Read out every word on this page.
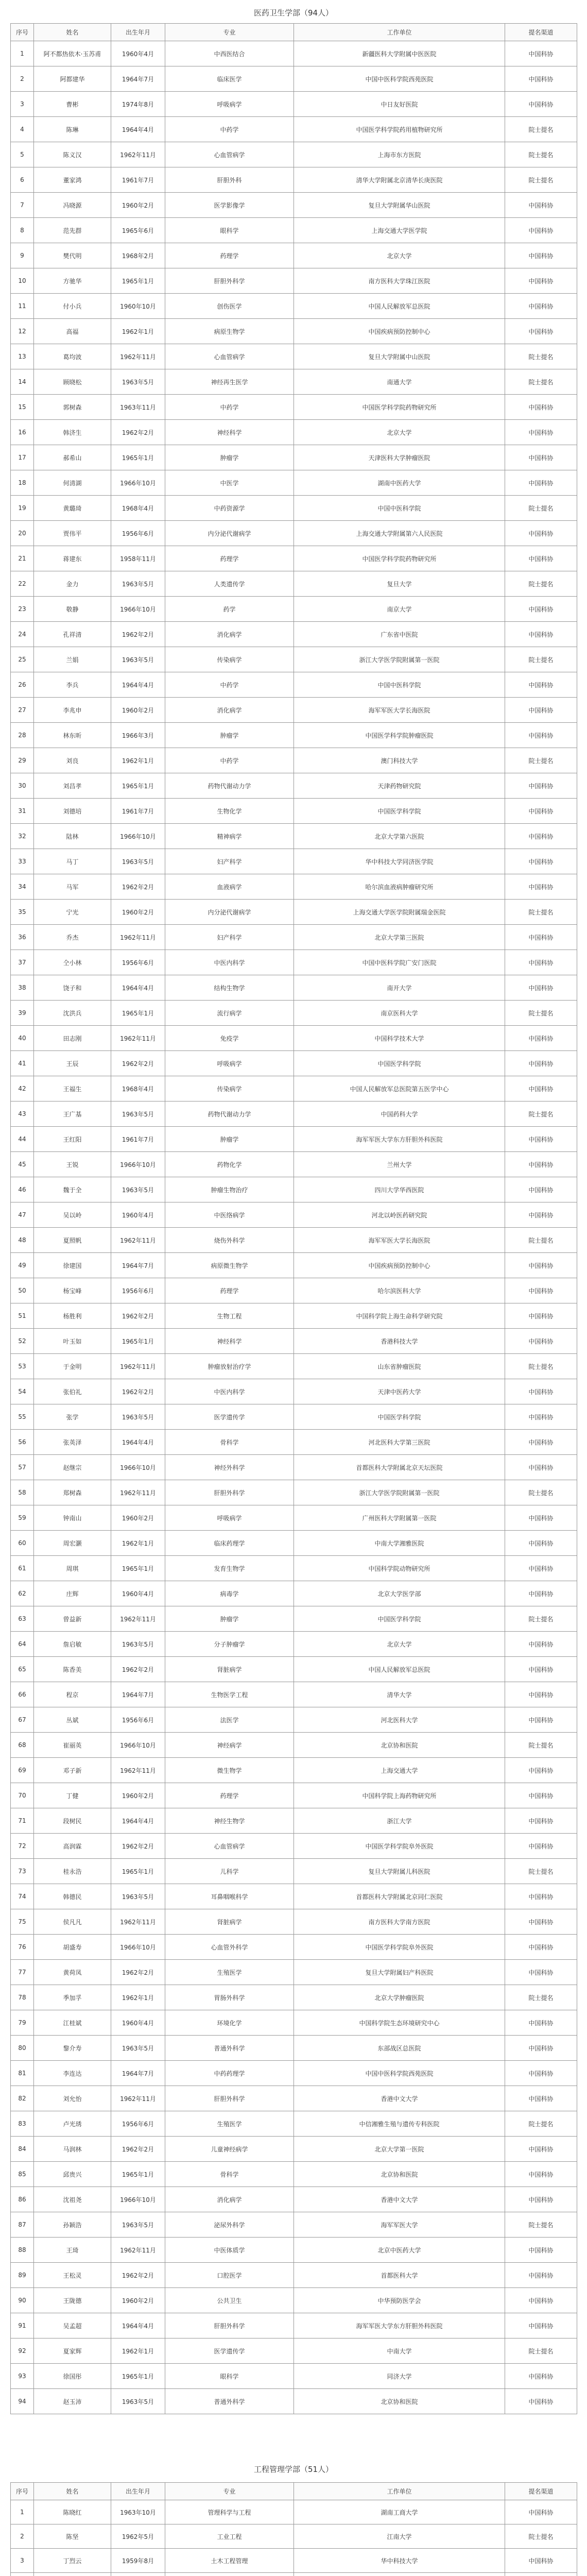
医药卫生学部（94人）
序号	姓名	出生年月	专业	工作单位	提名渠道
1	阿不都热依木·玉苏甫	1960年4月	中西医结合	新疆医科大学附属中医医院	中国科协
2	阿都建华	1964年7月	临床医学	中国中医科学院西苑医院	中国科协
3	曹彬	1974年8月	呼吸病学	中日友好医院	中国科协
4	陈琳	1964年4月	中药学	中国医学科学院药用植物研究所	院士提名
5	陈义汉	1962年11月	心血管病学	上海市东方医院	院士提名
6	董家鸿	1961年7月	肝胆外科	清华大学附属北京清华长庚医院	院士提名
7	冯晓源	1960年2月	医学影像学	复旦大学附属华山医院	中国科协
8	范先群	1965年6月	眼科学	上海交通大学医学院	中国科协
9	樊代明	1968年2月	药理学	北京大学	中国科协
10	方驰华	1965年1月	肝胆外科学	南方医科大学珠江医院	中国科协
11	付小兵	1960年10月	创伤医学	中国人民解放军总医院	中国科协
12	高福	1962年1月	病原生物学	中国疾病预防控制中心	中国科协
13	葛均波	1962年11月	心血管病学	复旦大学附属中山医院	院士提名
14	顾晓松	1963年5月	神经再生医学	南通大学	院士提名
15	郭树森	1963年11月	中药学	中国医学科学院药物研究所	中国科协
16	韩济生	1962年2月	神经科学	北京大学	中国科协
17	郝希山	1965年1月	肿瘤学	天津医科大学肿瘤医院	中国科协
18	何清湖	1966年10月	中医学	湖南中医药大学	中国科协
19	黄璐琦	1968年4月	中药资源学	中国中医科学院	院士提名
20	贾伟平	1956年6月	内分泌代谢病学	上海交通大学附属第六人民医院	中国科协
21	蒋建东	1958年11月	药理学	中国医学科学院药物研究所	中国科协
22	金力	1963年5月	人类遗传学	复旦大学	院士提名
23	敬静	1966年10月	药学	南京大学	中国科协
24	孔祥清	1962年2月	消化病学	广东省中医院	中国科协
25	兰娟	1963年5月	传染病学	浙江大学医学院附属第一医院	院士提名
26	李兵	1964年4月	中药学	中国中医科学院	中国科协
27	李兆申	1960年2月	消化病学	海军军医大学长海医院	中国科协
28	林东昕	1966年3月	肿瘤学	中国医学科学院肿瘤医院	中国科协
29	刘良	1962年1月	中药学	澳门科技大学	院士提名
30	刘昌孝	1965年1月	药物代谢动力学	天津药物研究院	中国科协
31	刘德培	1961年7月	生物化学	中国医学科学院	中国科协
32	陆林	1966年10月	精神病学	北京大学第六医院	中国科协
33	马丁	1963年5月	妇产科学	华中科技大学同济医学院	中国科协
34	马军	1962年2月	血液病学	哈尔滨血液病肿瘤研究所	中国科协
35	宁光	1960年2月	内分泌代谢病学	上海交通大学医学院附属瑞金医院	院士提名
36	乔杰	1962年11月	妇产科学	北京大学第三医院	中国科协
37	仝小林	1956年6月	中医内科学	中国中医科学院广安门医院	中国科协
38	饶子和	1964年4月	结构生物学	南开大学	中国科协
39	沈洪兵	1965年1月	流行病学	南京医科大学	院士提名
40	田志刚	1962年11月	免疫学	中国科学技术大学	中国科协
41	王辰	1962年2月	呼吸病学	中国医学科学院	中国科协
42	王福生	1968年4月	传染病学	中国人民解放军总医院第五医学中心	中国科协
43	王广基	1963年5月	药物代谢动力学	中国药科大学	院士提名
44	王红阳	1961年7月	肿瘤学	海军军医大学东方肝胆外科医院	中国科协
45	王锐	1966年10月	药物化学	兰州大学	中国科协
46	魏于全	1963年5月	肿瘤生物治疗	四川大学华西医院	中国科协
47	吴以岭	1960年4月	中医络病学	河北以岭医药研究院	中国科协
48	夏照帆	1962年11月	烧伤外科学	海军军医大学长海医院	院士提名
49	徐建国	1964年7月	病原微生物学	中国疾病预防控制中心	中国科协
50	杨宝峰	1956年6月	药理学	哈尔滨医科大学	中国科协
51	杨胜利	1962年2月	生物工程	中国科学院上海生命科学研究院	中国科协
52	叶玉如	1965年1月	神经科学	香港科技大学	中国科协
53	于金明	1962年11月	肿瘤放射治疗学	山东省肿瘤医院	院士提名
54	张伯礼	1962年2月	中医内科学	天津中医药大学	中国科协
55	张学	1963年5月	医学遗传学	中国医学科学院	中国科协
56	张英泽	1964年4月	骨科学	河北医科大学第三医院	中国科协
57	赵继宗	1966年10月	神经外科学	首都医科大学附属北京天坛医院	中国科协
58	郑树森	1962年11月	肝胆外科学	浙江大学医学院附属第一医院	院士提名
59	钟南山	1960年2月	呼吸病学	广州医科大学附属第一医院	中国科协
60	周宏灏	1962年1月	临床药理学	中南大学湘雅医院	中国科协
61	周琪	1965年1月	发育生物学	中国科学院动物研究所	中国科协
62	庄辉	1960年4月	病毒学	北京大学医学部	中国科协
63	曾益新	1962年11月	肿瘤学	中国医学科学院	院士提名
64	詹启敏	1963年5月	分子肿瘤学	北京大学	中国科协
65	陈香美	1962年2月	肾脏病学	中国人民解放军总医院	中国科协
66	程京	1964年7月	生物医学工程	清华大学	中国科协
67	丛斌	1956年6月	法医学	河北医科大学	中国科协
68	崔丽英	1966年10月	神经病学	北京协和医院	院士提名
69	邓子新	1962年11月	微生物学	上海交通大学	中国科协
70	丁健	1960年2月	药理学	中国科学院上海药物研究所	中国科协
71	段树民	1964年4月	神经生物学	浙江大学	中国科协
72	高润霖	1962年2月	心血管病学	中国医学科学院阜外医院	中国科协
73	桂永浩	1965年1月	儿科学	复旦大学附属儿科医院	院士提名
74	韩德民	1963年5月	耳鼻咽喉科学	首都医科大学附属北京同仁医院	中国科协
75	侯凡凡	1962年11月	肾脏病学	南方医科大学南方医院	中国科协
76	胡盛寿	1966年10月	心血管外科学	中国医学科学院阜外医院	中国科协
77	黄荷凤	1962年2月	生殖医学	复旦大学附属妇产科医院	中国科协
78	季加孚	1962年1月	胃肠外科学	北京大学肿瘤医院	院士提名
79	江桂斌	1960年4月	环境化学	中国科学院生态环境研究中心	中国科协
80	黎介寿	1963年5月	普通外科学	东部战区总医院	中国科协
81	李连达	1964年7月	中药药理学	中国中医科学院西苑医院	中国科协
82	刘允怡	1962年11月	肝胆外科学	香港中文大学	中国科协
83	卢光琇	1956年6月	生殖医学	中信湘雅生殖与遗传专科医院	院士提名
84	马润林	1962年2月	儿童神经病学	北京大学第一医院	中国科协
85	邱贵兴	1965年1月	骨科学	北京协和医院	中国科协
86	沈祖尧	1966年10月	消化病学	香港中文大学	中国科协
87	孙颖浩	1963年5月	泌尿外科学	海军军医大学	院士提名
88	王琦	1962年11月	中医体质学	北京中医药大学	中国科协
89	王松灵	1962年2月	口腔医学	首都医科大学	中国科协
90	王陇德	1960年2月	公共卫生	中华预防医学会	中国科协
91	吴孟超	1964年4月	肝胆外科学	海军军医大学东方肝胆外科医院	中国科协
92	夏家辉	1962年1月	医学遗传学	中南大学	院士提名
93	徐国彤	1965年1月	眼科学	同济大学	中国科协
94	赵玉沛	1963年5月	普通外科学	北京协和医院	中国科协
工程管理学部（51人）
序号	姓名	出生年月	专业	工作单位	提名渠道
1	陈晓红	1963年10月	管理科学与工程	湖南工商大学	中国科协
2	陈坚	1962年5月	工业工程	江南大学	院士提名
3	丁烈云	1959年8月	土木工程管理	华中科技大学	中国科协
